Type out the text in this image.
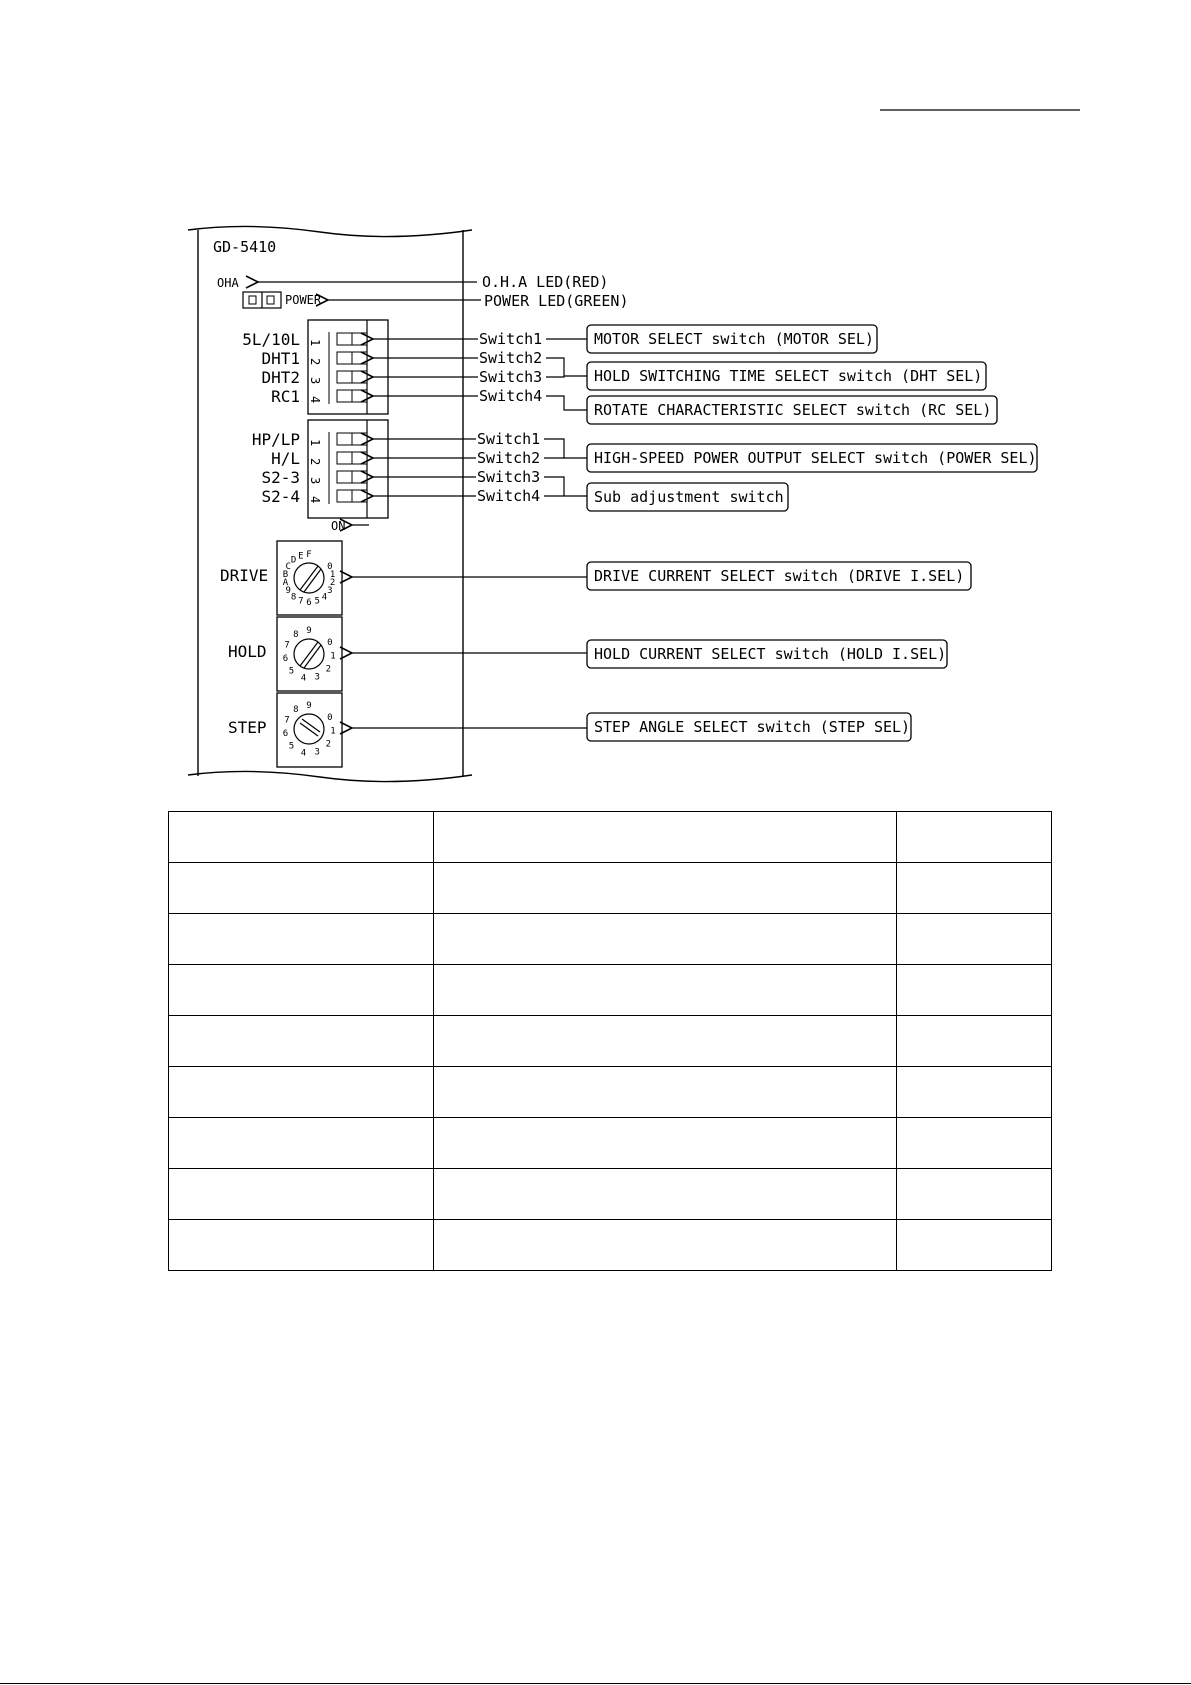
GD-5410
OHA	O.H.A LED(RED)
POWER	POWER LED(GREEN)
5L/10L
DHT1
DHT2
RC1
1
2
3
4
Switch1
Switch2
Switch3
Switch4
MOTOR SELECT switch (MOTOR SEL)
HOLD SWITCHING TIME SELECT switch (DHT SEL)
ROTATE CHARACTERISTIC SELECT switch (RC SEL)
HP/LP
H/L
S2-3
S2-4
1
2
3
4
Switch1
Switch2
Switch3
Switch4
HIGH-SPEED POWER OUTPUT SELECT switch (POWER SEL)
Sub adjustment switch
ON
DRIVE	0
1
2
3
4
5
6
7
8
9
A
B
C
D E F
DRIVE CURRENT SELECT switch (DRIVE I.SEL)
HOLD	0
1
2
3
4
5
6
7
8 9
HOLD CURRENT SELECT switch (HOLD I.SEL)
STEP	0
1
2
3
4
5
6
7
8 9
STEP ANGLE SELECT switch (STEP SEL)
